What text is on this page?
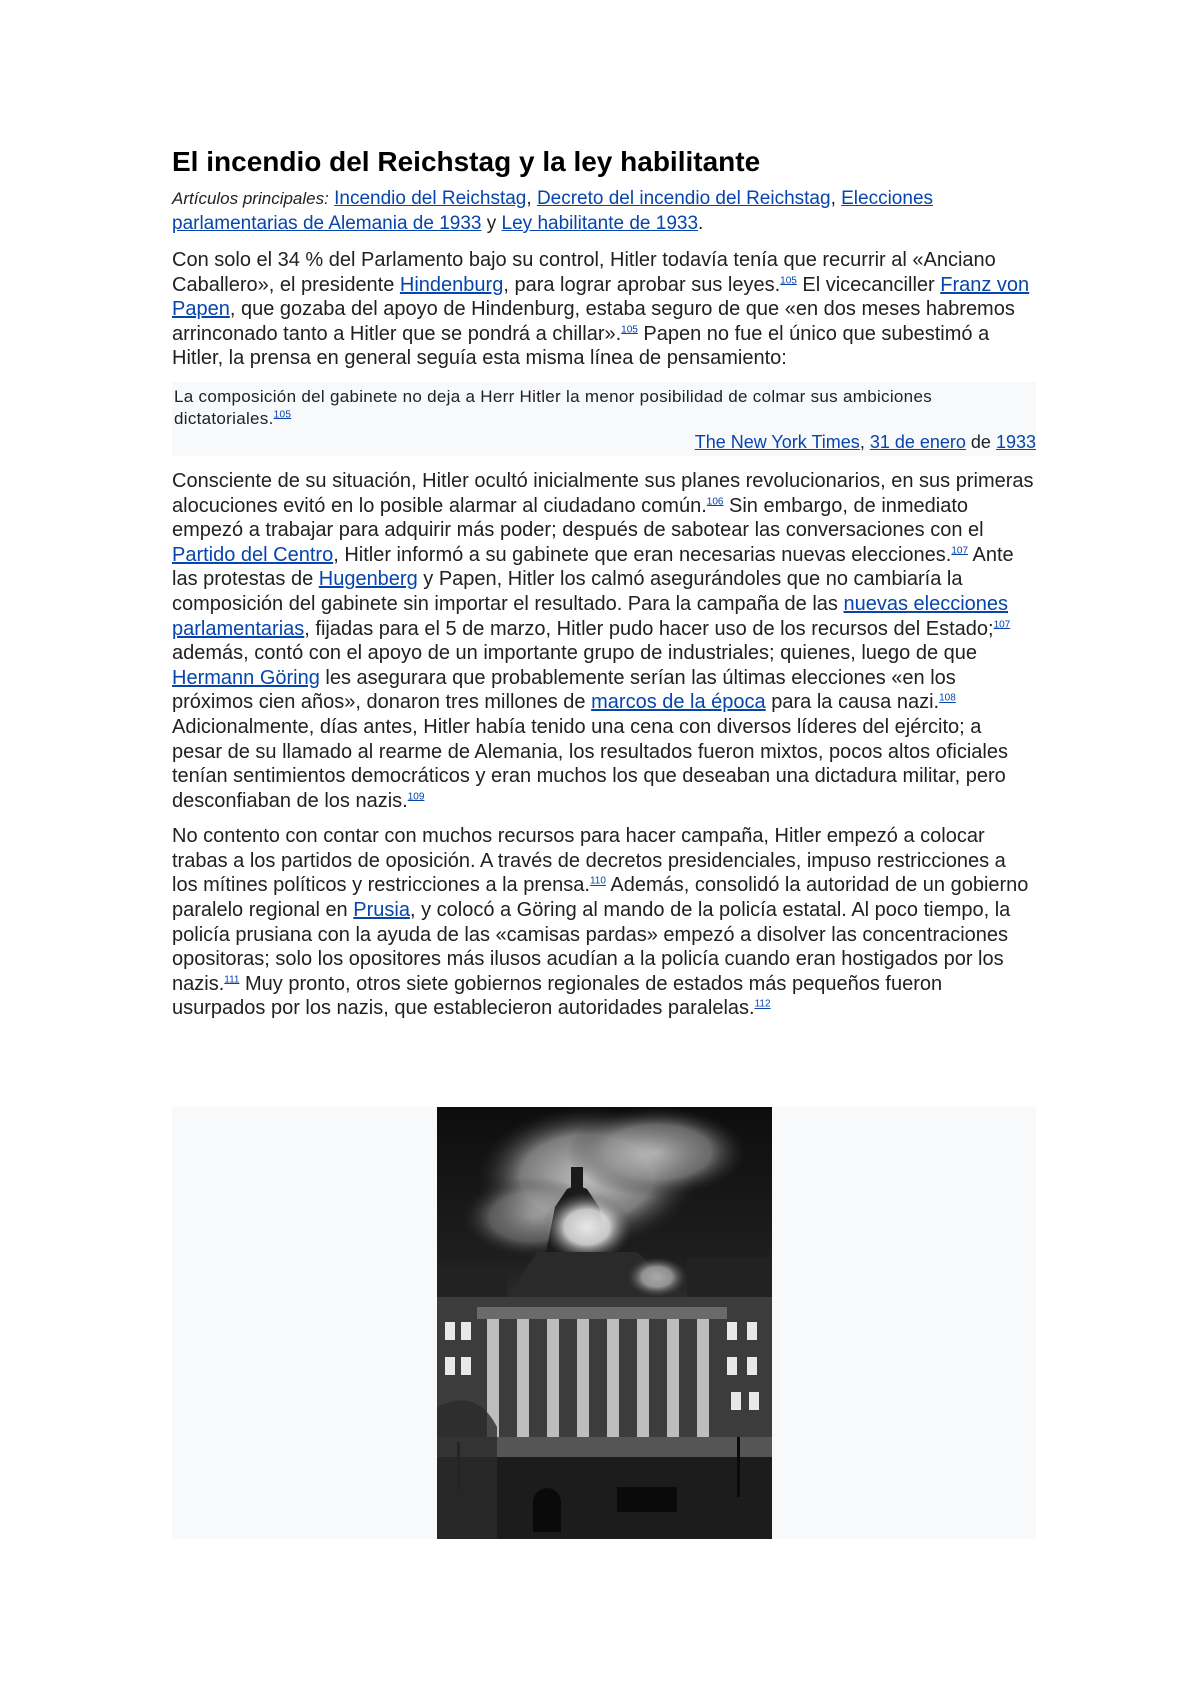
El incendio del Reichstag y la ley habilitante
Artículos principales: Incendio del Reichstag, Decreto del incendio del Reichstag, Elecciones parlamentarias de Alemania de 1933 y Ley habilitante de 1933.

Con solo el 34 % del Parlamento bajo su control, Hitler todavía tenía que recurrir al «Anciano Caballero», el presidente Hindenburg, para lograr aprobar sus leyes.$^{105}$ El vicecanciller Franz von Papen, que gozaba del apoyo de Hindenburg, estaba seguro de que «en dos meses habremos arrinconado tanto a Hitler que se pondrá a chillar».$^{105}$ Papen no fue el único que subestimó a Hitler, la prensa en general seguía esta misma línea de pensamiento:

La composición del gabinete no deja a Herr Hitler la menor posibilidad de colmar sus ambiciones dictatoriales.$^{105}$
The New York Times, 31 de enero de 1933

Consciente de su situación, Hitler ocultó inicialmente sus planes revolucionarios, en sus primeras alocuciones evitó en lo posible alarmar al ciudadano común.$^{106}$ Sin embargo, de inmediato empezó a trabajar para adquirir más poder; después de sabotear las conversaciones con el Partido del Centro, Hitler informó a su gabinete que eran necesarias nuevas elecciones.$^{107}$ Ante las protestas de Hugenberg y Papen, Hitler los calmó asegurándoles que no cambiaría la composición del gabinete sin importar el resultado. Para la campaña de las nuevas elecciones parlamentarias, fijadas para el 5 de marzo, Hitler pudo hacer uso de los recursos del Estado;$^{107}$ además, contó con el apoyo de un importante grupo de industriales; quienes, luego de que Hermann Göring les asegurara que probablemente serían las últimas elecciones «en los próximos cien años», donaron tres millones de marcos de la época para la causa nazi.$^{108}$ Adicionalmente, días antes, Hitler había tenido una cena con diversos líderes del ejército; a pesar de su llamado al rearme de Alemania, los resultados fueron mixtos, pocos altos oficiales tenían sentimientos democráticos y eran muchos los que deseaban una dictadura militar, pero desconfiaban de los nazis.$^{109}$

No contento con contar con muchos recursos para hacer campaña, Hitler empezó a colocar trabas a los partidos de oposición. A través de decretos presidenciales, impuso restricciones a los mítines políticos y restricciones a la prensa.$^{110}$ Además, consolidó la autoridad de un gobierno paralelo regional en Prusia, y colocó a Göring al mando de la policía estatal. Al poco tiempo, la policía prusiana con la ayuda de las «camisas pardas» empezó a disolver las concentraciones opositoras; solo los opositores más ilusos acudían a la policía cuando eran hostigados por los nazis.$^{111}$ Muy pronto, otros siete gobiernos regionales de estados más pequeños fueron usurpados por los nazis, que establecieron autoridades paralelas.$^{112}$
